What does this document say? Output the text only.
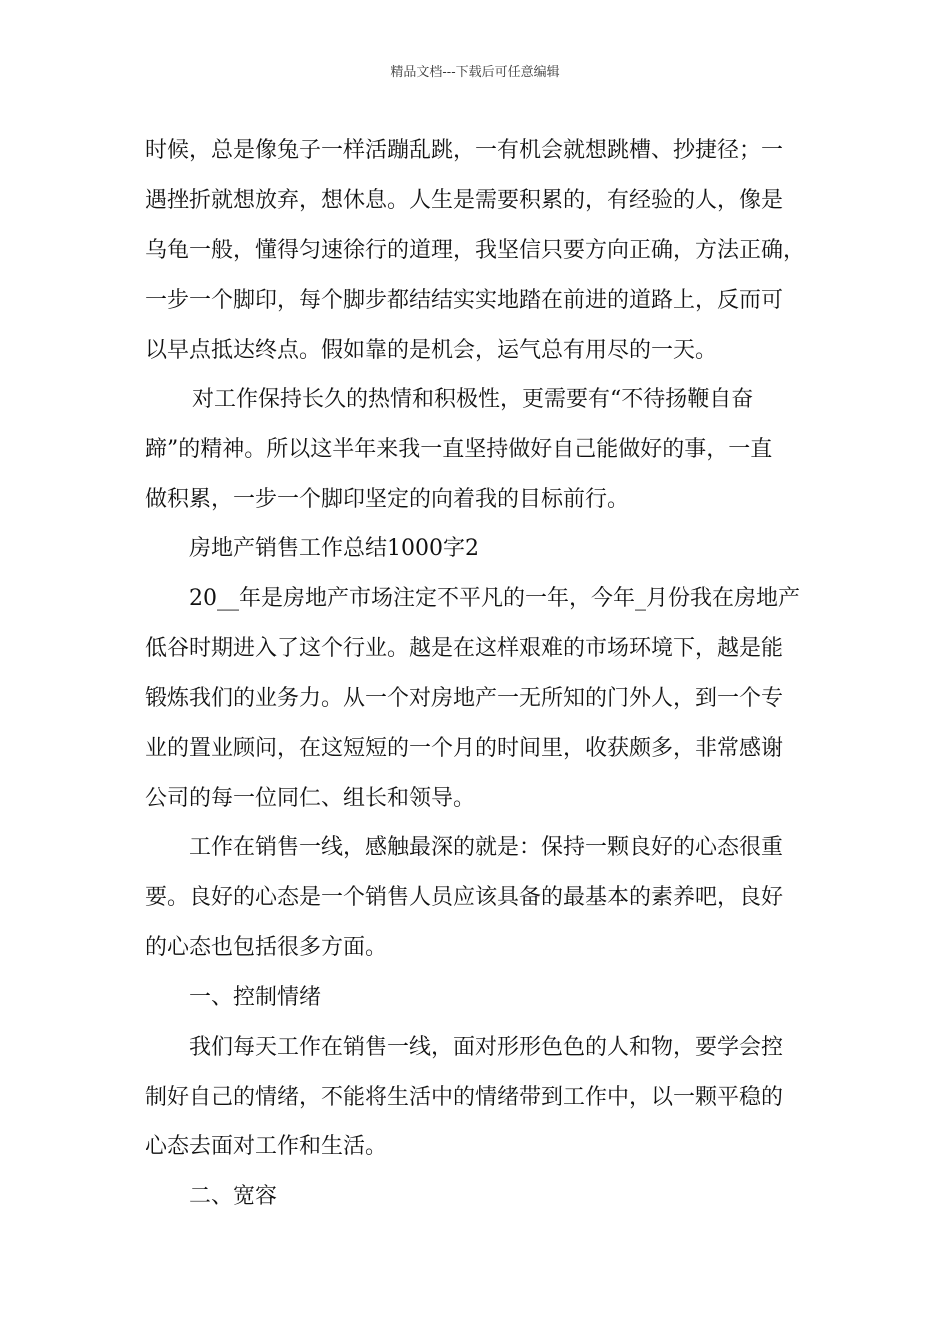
精品文档---下载后可任意编辑
时候，总是像兔子一样活蹦乱跳，一有机会就想跳槽、抄捷径；一
遇挫折就想放弃，想休息。人生是需要积累的，有经验的人，像是
乌龟一般，懂得匀速徐行的道理，我坚信只要方向正确，方法正确，
一步一个脚印，每个脚步都结结实实地踏在前进的道路上，反而可
以早点抵达终点。假如靠的是机会，运气总有用尽的一天。
对工作保持长久的热情和积极性，更需要有“不待扬鞭自奋
蹄”的精神。所以这半年来我一直坚持做好自己能做好的事，一直
做积累，一步一个脚印坚定的向着我的目标前行。
房地产销售工作总结1000字2
20__年是房地产市场注定不平凡的一年，今年_月份我在房地产
低谷时期进入了这个行业。越是在这样艰难的市场环境下，越是能
锻炼我们的业务力。从一个对房地产一无所知的门外人，到一个专
业的置业顾问，在这短短的一个月的时间里，收获颇多，非常感谢
公司的每一位同仁、组长和领导。
工作在销售一线，感触最深的就是：保持一颗良好的心态很重
要。良好的心态是一个销售人员应该具备的最基本的素养吧，良好
的心态也包括很多方面。
一、控制情绪
我们每天工作在销售一线，面对形形色色的人和物，要学会控
制好自己的情绪，不能将生活中的情绪带到工作中，以一颗平稳的
心态去面对工作和生活。
二、宽容
